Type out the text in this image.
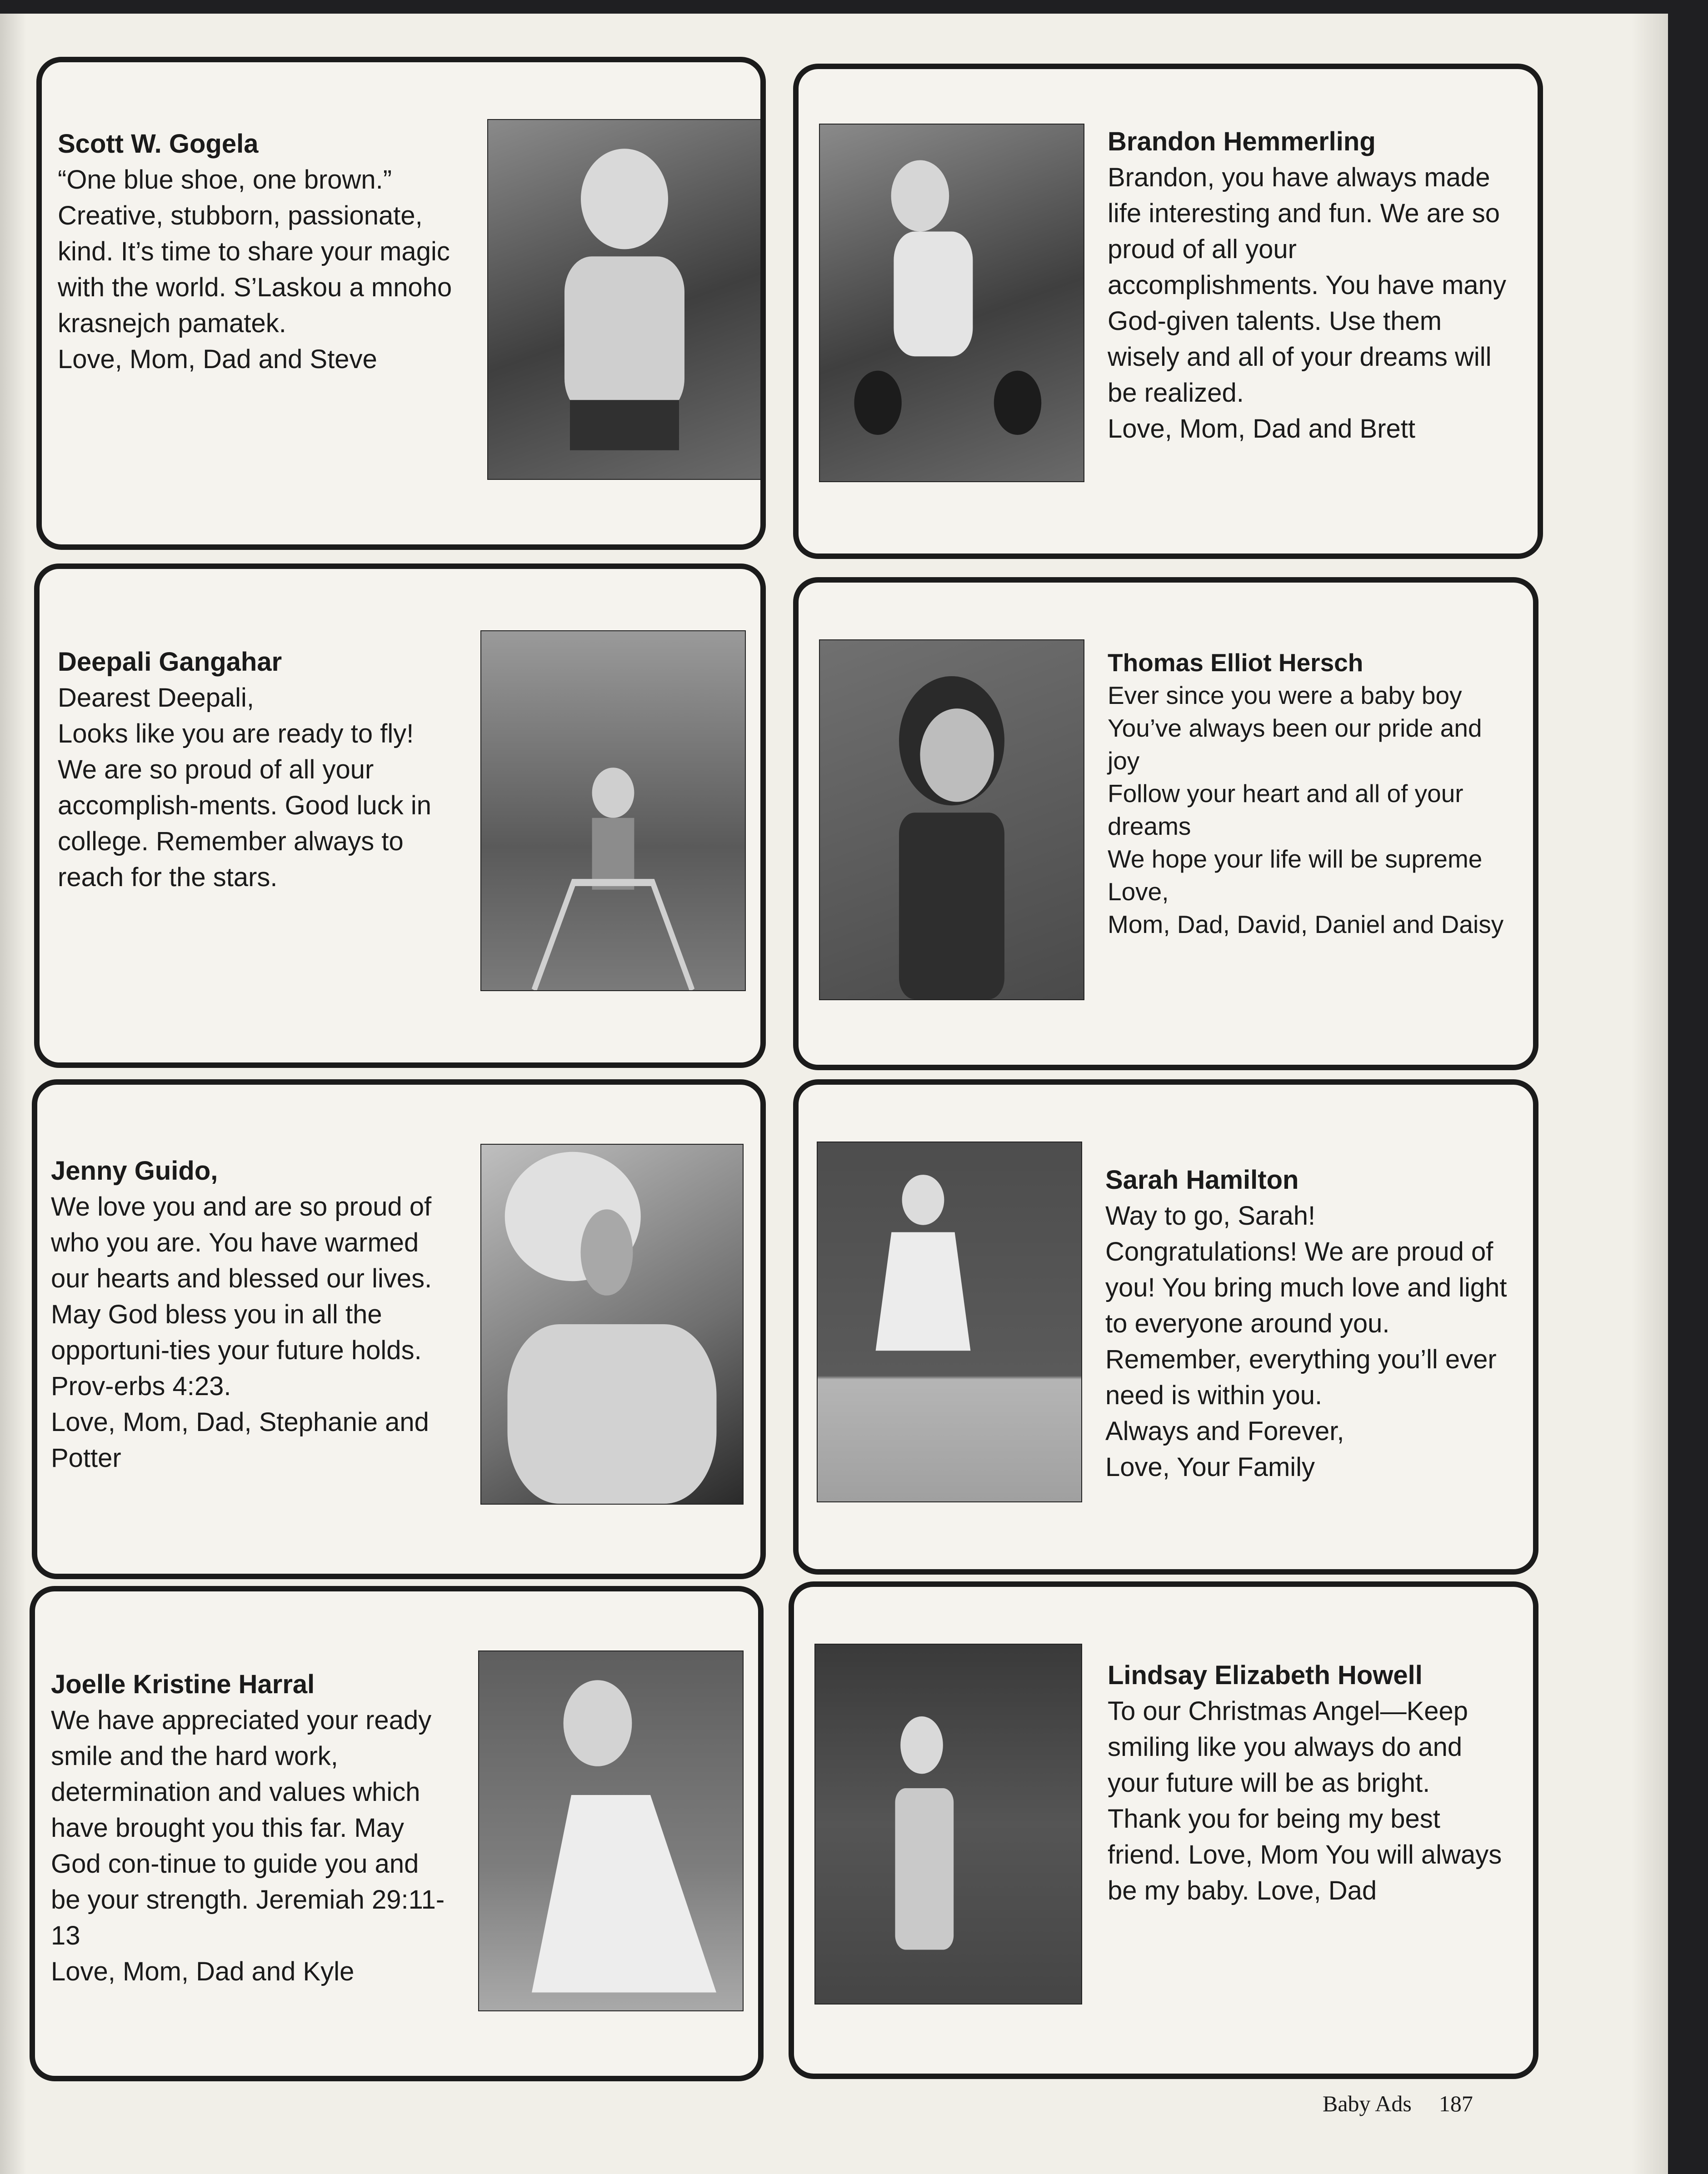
Scott W. Gogela

“One blue shoe, one brown.” Creative, stubborn, passionate, kind. It’s time to share your magic with the world. S’Laskou a mnoho krasnejch pamatek.
Love, Mom, Dad and Steve

Brandon Hemmerling

Brandon, you have always made life interesting and fun. We are so proud of all your accomplishments. You have many God-given talents. Use them wisely and all of your dreams will be realized.
Love, Mom, Dad and Brett

Deepali Gangahar

Dearest Deepali,
Looks like you are ready to fly! We are so proud of all your accomplish-ments. Good luck in college. Remember always to reach for the stars.

Thomas Elliot Hersch

Ever since you were a baby boy
You’ve always been our pride and joy
Follow your heart and all of your dreams
We hope your life will be supreme
Love,
Mom, Dad, David, Daniel and Daisy

Jenny Guido,

We love you and are so proud of who you are. You have warmed our hearts and blessed our lives. May God bless you in all the opportuni-ties your future holds. Prov-erbs 4:23.
Love, Mom, Dad, Stephanie and Potter

Sarah Hamilton

Way to go, Sarah! Congratulations! We are proud of you! You bring much love and light to everyone around you. Remember, everything you’ll ever need is within you.
Always and Forever,
Love, Your Family

Joelle Kristine Harral

We have appreciated your ready smile and the hard work, determination and values which have brought you this far. May God con-tinue to guide you and be your strength. Jeremiah 29:11-13
Love, Mom, Dad and Kyle

Lindsay Elizabeth Howell

To our Christmas Angel—Keep smiling like you always do and your future will be as bright. Thank you for being my best friend. Love, Mom You will always be my baby. Love, Dad

Baby Ads 187
